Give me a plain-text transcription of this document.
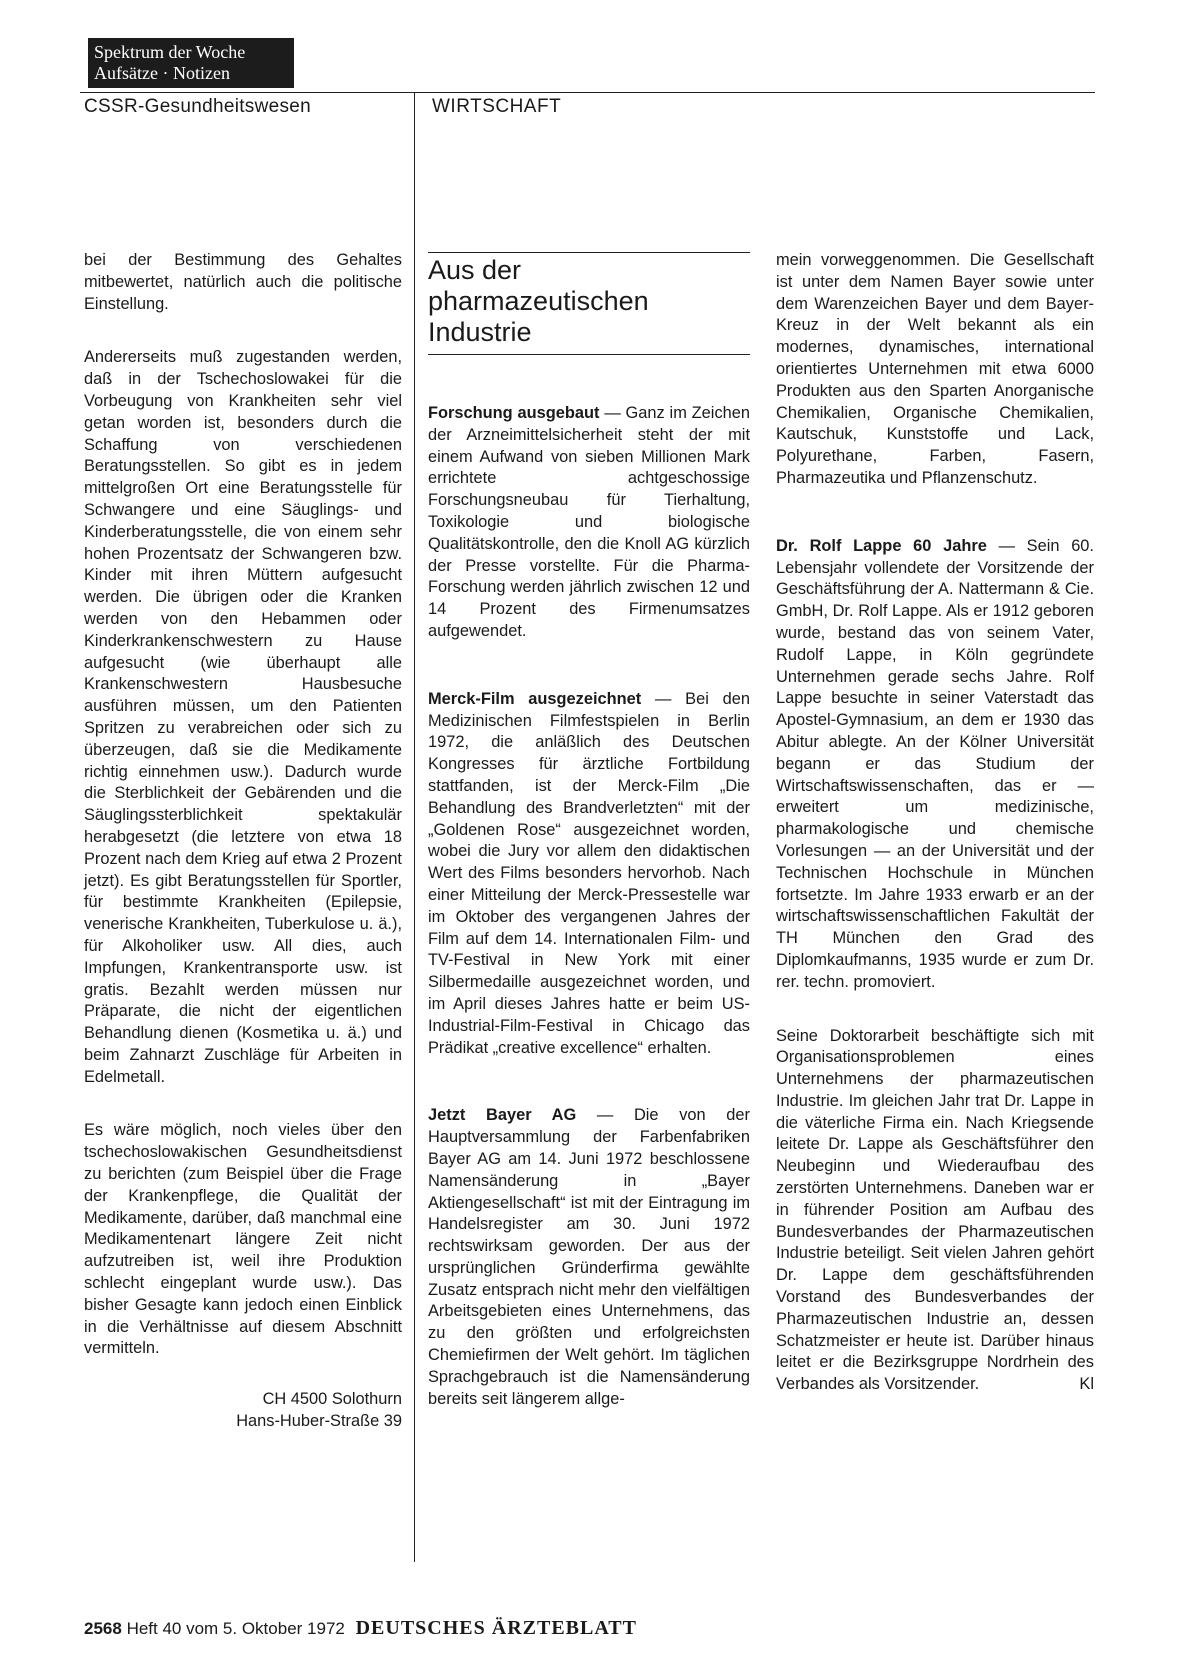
Spektrum der Woche
Aufsätze · Notizen
CSSR-Gesundheitswesen	WIRTSCHAFT

bei der Bestimmung des Gehaltes mitbewertet, natürlich auch die politische Einstellung.

Andererseits muß zugestanden werden, daß in der Tschechoslowakei für die Vorbeugung von Krankheiten sehr viel getan worden ist, besonders durch die Schaffung von verschiedenen Beratungsstellen. So gibt es in jedem mittelgroßen Ort eine Beratungsstelle für Schwangere und eine Säuglings- und Kinderberatungsstelle, die von einem sehr hohen Prozentsatz der Schwangeren bzw. Kinder mit ihren Müttern aufgesucht werden. Die übrigen oder die Kranken werden von den Hebammen oder Kinderkrankenschwestern zu Hause aufgesucht (wie überhaupt alle Krankenschwestern Hausbesuche ausführen müssen, um den Patienten Spritzen zu verabreichen oder sich zu überzeugen, daß sie die Medikamente richtig einnehmen usw.). Dadurch wurde die Sterblichkeit der Gebärenden und die Säuglingssterblichkeit spektakulär herabgesetzt (die letztere von etwa 18 Prozent nach dem Krieg auf etwa 2 Prozent jetzt). Es gibt Beratungsstellen für Sportler, für bestimmte Krankheiten (Epilepsie, venerische Krankheiten, Tuberkulose u. ä.), für Alkoholiker usw. All dies, auch Impfungen, Krankentransporte usw. ist gratis. Bezahlt werden müssen nur Präparate, die nicht der eigentlichen Behandlung dienen (Kosmetika u. ä.) und beim Zahnarzt Zuschläge für Arbeiten in Edelmetall.

Es wäre möglich, noch vieles über den tschechoslowakischen Gesundheitsdienst zu berichten (zum Beispiel über die Frage der Krankenpflege, die Qualität der Medikamente, darüber, daß manchmal eine Medikamentenart längere Zeit nicht aufzutreiben ist, weil ihre Produktion schlecht eingeplant wurde usw.). Das bisher Gesagte kann jedoch einen Einblick in die Verhältnisse auf diesem Abschnitt vermitteln.

CH 4500 Solothurn
Hans-Huber-Straße 39
Aus der
pharmazeutischen
Industrie

Forschung ausgebaut — Ganz im Zeichen der Arzneimittelsicherheit steht der mit einem Aufwand von sieben Millionen Mark errichtete achtgeschossige Forschungsneubau für Tierhaltung, Toxikologie und biologische Qualitätskontrolle, den die Knoll AG kürzlich der Presse vorstellte. Für die Pharma-Forschung werden jährlich zwischen 12 und 14 Prozent des Firmenumsatzes aufgewendet.

Merck-Film ausgezeichnet — Bei den Medizinischen Filmfestspielen in Berlin 1972, die anläßlich des Deutschen Kongresses für ärztliche Fortbildung stattfanden, ist der Merck-Film „Die Behandlung des Brandverletzten“ mit der „Goldenen Rose“ ausgezeichnet worden, wobei die Jury vor allem den didaktischen Wert des Films besonders hervorhob. Nach einer Mitteilung der Merck-Pressestelle war im Oktober des vergangenen Jahres der Film auf dem 14. Internationalen Film- und TV-Festival in New York mit einer Silbermedaille ausgezeichnet worden, und im April dieses Jahres hatte er beim US-Industrial-Film-Festival in Chicago das Prädikat „creative excellence“ erhalten.

Jetzt Bayer AG — Die von der Hauptversammlung der Farbenfabriken Bayer AG am 14. Juni 1972 beschlossene Namensänderung in „Bayer Aktiengesellschaft“ ist mit der Eintragung im Handelsregister am 30. Juni 1972 rechtswirksam geworden. Der aus der ursprünglichen Gründerfirma gewählte Zusatz entsprach nicht mehr den vielfältigen Arbeitsgebieten eines Unternehmens, das zu den größten und erfolgreichsten Chemiefirmen der Welt gehört. Im täglichen Sprachgebrauch ist die Namensänderung bereits seit längerem allge-

mein vorweggenommen. Die Gesellschaft ist unter dem Namen Bayer sowie unter dem Warenzeichen Bayer und dem Bayer-Kreuz in der Welt bekannt als ein modernes, dynamisches, international orientiertes Unternehmen mit etwa 6000 Produkten aus den Sparten Anorganische Chemikalien, Organische Chemikalien, Kautschuk, Kunststoffe und Lack, Polyurethane, Farben, Fasern, Pharmazeutika und Pflanzenschutz.

Dr. Rolf Lappe 60 Jahre — Sein 60. Lebensjahr vollendete der Vorsitzende der Geschäftsführung der A. Nattermann & Cie. GmbH, Dr. Rolf Lappe. Als er 1912 geboren wurde, bestand das von seinem Vater, Rudolf Lappe, in Köln gegründete Unternehmen gerade sechs Jahre. Rolf Lappe besuchte in seiner Vaterstadt das Apostel-Gymnasium, an dem er 1930 das Abitur ablegte. An der Kölner Universität begann er das Studium der Wirtschaftswissenschaften, das er — erweitert um medizinische, pharmakologische und chemische Vorlesungen — an der Universität und der Technischen Hochschule in München fortsetzte. Im Jahre 1933 erwarb er an der wirtschaftswissenschaftlichen Fakultät der TH München den Grad des Diplomkaufmanns, 1935 wurde er zum Dr. rer. techn. promoviert.

Seine Doktorarbeit beschäftigte sich mit Organisationsproblemen eines Unternehmens der pharmazeutischen Industrie. Im gleichen Jahr trat Dr. Lappe in die väterliche Firma ein. Nach Kriegsende leitete Dr. Lappe als Geschäftsführer den Neubeginn und Wiederaufbau des zerstörten Unternehmens. Daneben war er in führender Position am Aufbau des Bundesverbandes der Pharmazeutischen Industrie beteiligt. Seit vielen Jahren gehört Dr. Lappe dem geschäftsführenden Vorstand des Bundesverbandes der Pharmazeutischen Industrie an, dessen Schatzmeister er heute ist. Darüber hinaus leitet er die Bezirksgruppe Nordrhein des Verbandes als Vorsitzender.	Kl

2568 Heft 40 vom 5. Oktober 1972 DEUTSCHES ÄRZTEBLATT
